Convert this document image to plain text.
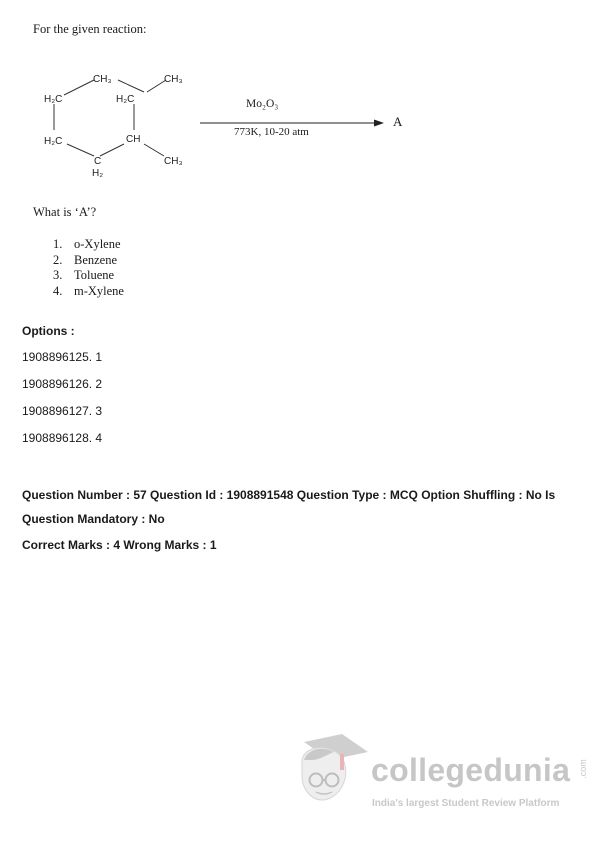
For the given reaction:
CH₃	CH₃
H₂C	H₂C
H₂C	CH
CH₃
C
H₂
Mo₂O₃
773K, 10-20 atm
A
What is ‘A’?
1. o-Xylene
2. Benzene
3. Toluene
4. m-Xylene
Options :
1908896125. 1
1908896126. 2
1908896127. 3
1908896128. 4
Question Number : 57 Question Id : 1908891548 Question Type : MCQ Option Shuffling : No Is
Question Mandatory : No
Correct Marks : 4 Wrong Marks : 1
collegedunia .com
India's largest Student Review Platform
